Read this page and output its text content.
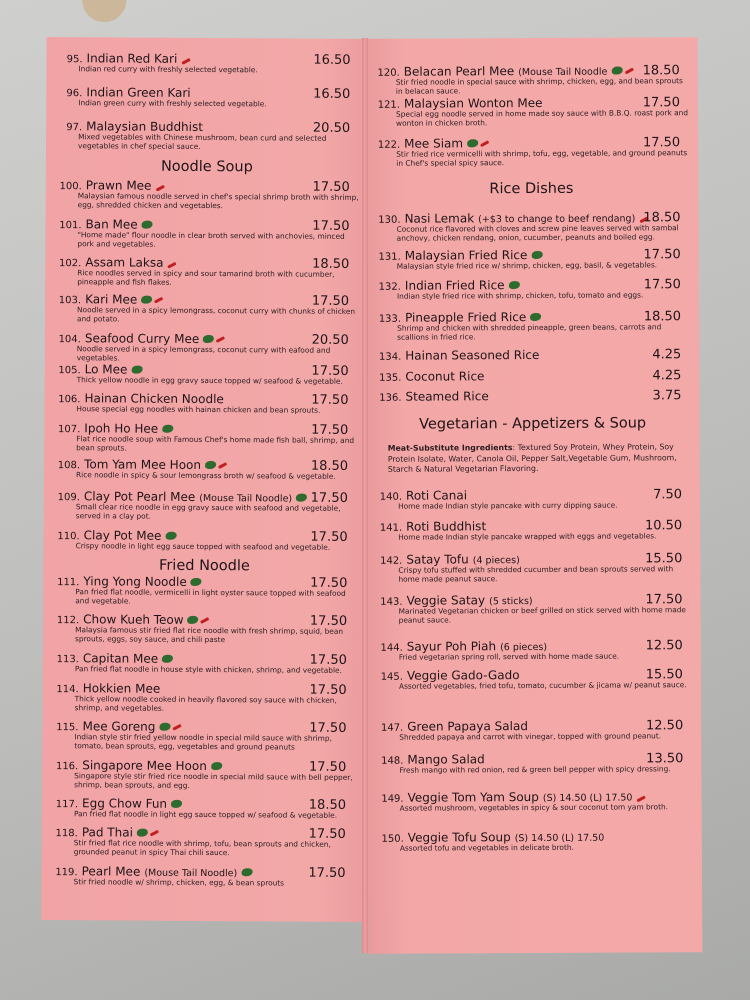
Noodle Soup
Fried Noodle
95. Indian Red Kari	16.50
Indian red curry with freshly selected vegetable.
96. Indian Green Kari	16.50
Indian green curry with freshly selected vegetable.
97. Malaysian Buddhist	20.50
Mixed vegetables with Chinese mushroom, bean curd and selected vegetables in chef special sauce.
100. Prawn Mee	17.50
Malaysian famous noodle served in chef's special shrimp broth with shrimp, egg, shredded chicken and vegetables.
101. Ban Mee	17.50
"Home made" flour noodle in clear broth served with anchovies, minced pork and vegetables.
102. Assam Laksa	18.50
Rice noodles served in spicy and sour tamarind broth with cucumber, pineapple and fish flakes.
103. Kari Mee	17.50
Noodle served in a spicy lemongrass, coconut curry with chunks of chicken and potato.
104. Seafood Curry Mee	20.50
Noodle served in a spicy lemongrass, coconut curry with eafood and vegetables.
105. Lo Mee	17.50
Thick yellow noodle in egg gravy sauce topped w/ seafood & vegetable.
106. Hainan Chicken Noodle	17.50
House special egg noodles with hainan chicken and bean sprouts.
107. Ipoh Ho Hee	17.50
Flat rice noodle soup with Famous Chef's home made fish ball, shrimp, and bean sprouts.
108. Tom Yam Mee Hoon	18.50
Rice noodle in spicy & sour lemongrass broth w/ seafood & vegetable.
109. Clay Pot Pearl Mee (Mouse Tail Noodle) 17.50
Small clear rice noodle in egg gravy sauce with seafood and vegetable, served in a clay pot.
110. Clay Pot Mee	17.50
Crispy noodle in light egg sauce topped with seafood and vegetable.
111. Ying Yong Noodle	17.50
Pan fried flat noodle, vermicelli in light oyster sauce topped with seafood and vegetable.
112. Chow Kueh Teow	17.50
Malaysia famous stir fried flat rice noodle with fresh shrimp, squid, bean sprouts, eggs, soy sauce, and chili paste
113. Capitan Mee	17.50
Pan fried flat noodle in house style with chicken, shrimp, and vegetable.
114. Hokkien Mee	17.50
Thick yellow noodle cooked in heavily flavored soy sauce with chicken, shrimp, and vegetables.
115. Mee Goreng	17.50
Indian style stir fried yellow noodle in special mild sauce with shrimp, tomato, bean sprouts, egg, vegetables and ground peanuts
116. Singapore Mee Hoon	17.50
Singapore style stir fried rice noodle in special mild sauce with bell pepper, shrimp, bean sprouts, and egg.
117. Egg Chow Fun	18.50
Pan fried flat noodle in light egg sauce topped w/ seafood & vegetable.
118. Pad Thai	17.50
Stir fried flat rice noodle with shrimp, tofu, bean sprouts and chicken, grounded peanut in spicy Thai chili sauce.
119. Pearl Mee (Mouse Tail Noodle)	17.50
Stir fried noodle w/ shrimp, chicken, egg, & bean sprouts
Meat-Substitute Ingredients: Textured Soy Protein, Whey Protein, Soy Protein Isolate, Water, Canola Oil, Pepper Salt,Vegetable Gum, Mushroom, Starch & Natural Vegetarian Flavoring.
Rice Dishes
Vegetarian - Appetizers & Soup
120. Belacan Pearl Mee (Mouse Tail Noodle	18.50
Stir fried noodle in special sauce with shrimp, chicken, egg, and bean sprouts in belacan sauce.
121. Malaysian Wonton Mee	17.50
Special egg noodle served in home made soy sauce with B.B.Q. roast pork and wonton in chicken broth.
122. Mee Siam	17.50
Stir fried rice vermicelli with shrimp, tofu, egg, vegetable, and ground peanuts in Chef's special spicy sauce.
130. Nasi Lemak (+$3 to change to beef rendang) 18.50
Coconut rice flavored with cloves and screw pine leaves served with sambal anchovy, chicken rendang, onion, cucumber, peanuts and boiled egg.
131. Malaysian Fried Rice	17.50
Malaysian style fried rice w/ shrimp, chicken, egg, basil, & vegetables.
132. Indian Fried Rice	17.50
Indian style fried rice with shrimp, chicken, tofu, tomato and eggs.
133. Pineapple Fried Rice	18.50
Shrimp and chicken with shredded pineapple, green beans, carrots and scallions in fried rice.
134. Hainan Seasoned Rice	4.25
135. Coconut Rice	4.25
136. Steamed Rice	3.75
140. Roti Canai	7.50
Home made Indian style pancake with curry dipping sauce.
141. Roti Buddhist	10.50
Home made Indian style pancake wrapped with eggs and vegetables.
142. Satay Tofu (4 pieces)	15.50
Crispy tofu stuffed with shredded cucumber and bean sprouts served with home made peanut sauce.
143. Veggie Satay (5 sticks)	17.50
Marinated Vegetarian chicken or beef grilled on stick served with home made peanut sauce.
144. Sayur Poh Piah (6 pieces)	12.50
Fried vegetarian spring roll, served with home made sauce.
145. Veggie Gado-Gado	15.50
Assorted vegetables, fried tofu, tomato, cucumber & jicama w/ peanut sauce.
147. Green Papaya Salad	12.50
Shredded papaya and carrot with vinegar, topped with ground peanut.
148. Mango Salad	13.50
Fresh mango with red onion, red & green bell pepper with spicy dressing.
149. Veggie Tom Yam Soup (S) 14.50 (L) 17.50
Assorted mushroom, vegetables in spicy & sour coconut tom yam broth.
150. Veggie Tofu Soup (S) 14.50 (L) 17.50
Assorted tofu and vegetables in delicate broth.
